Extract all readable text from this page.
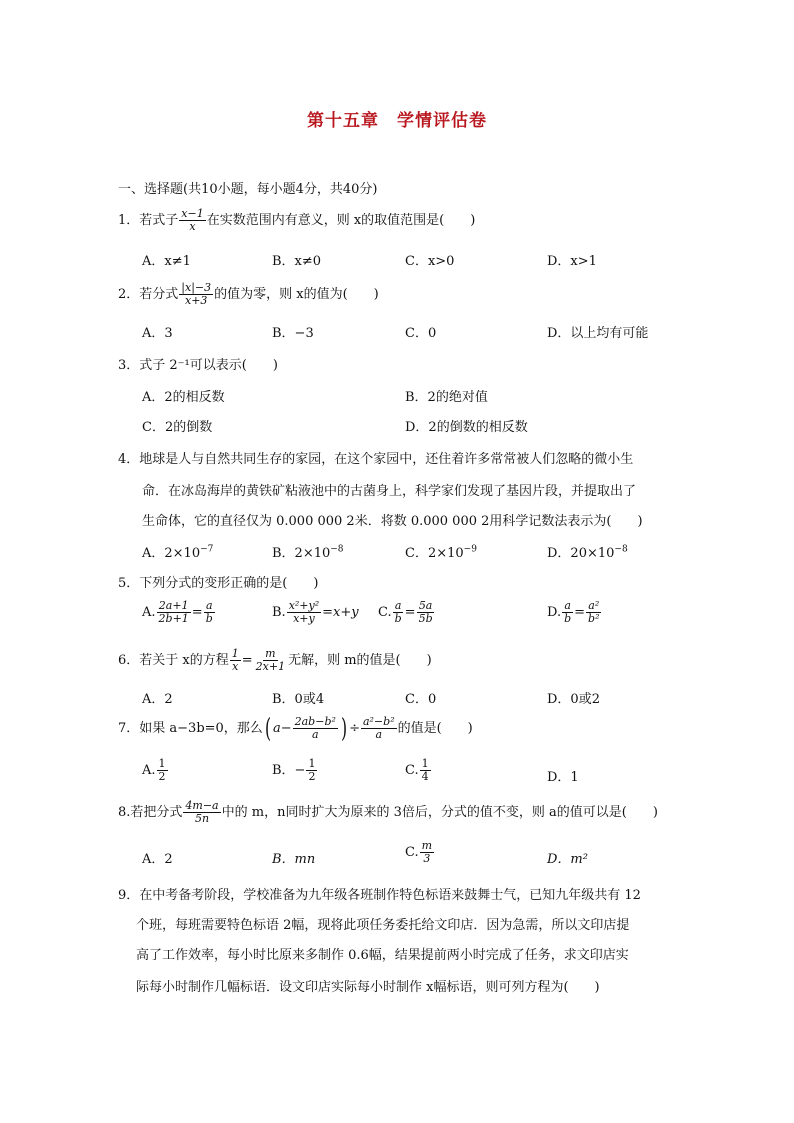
第十五章　学情评估卷
一、选择题(共10小题，每小题4分，共40分)
1．若式子 $\frac{x-1}{x}$ 在实数范围内有意义，则 x的取值范围是(　　)
A．x≠1	B．x≠0	C．x>0	D．x>1
2．若分式 $\frac{|x|-3}{x+3}$ 的值为零，则 x的值为(　　)
A．3	B．−3	C．0	D．以上均有可能
3．式子 2⁻¹可以表示(　　)
A．2的相反数	B．2的绝对值
C．2的倒数	D．2的倒数的相反数
4．地球是人与自然共同生存的家园，在这个家园中，还住着许多常常被人们忽略的微小生
命．在冰岛海岸的黄铁矿粘液池中的古菌身上，科学家们发现了基因片段，并提取出了
生命体，它的直径仅为 0.000 000 2米．将数 0.000 000 2用科学记数法表示为(　　)
A．$2\times 10^{-7}$	B．$2\times 10^{-8}$	C．$2\times 10^{-9}$	D．$20\times 10^{-8}$
5．下列分式的变形正确的是(　　)
A. $\frac{2a+1}{2b+1} = \frac{a}{b}$	B. $\frac{\text{x²+y²}}{x+y} =x+y$ C. $\frac{a}{b} = \frac{5a}{5b}$	D. $\frac{a}{b} = \frac{\text{a²}}{\text{b²}}$
6．若关于 x的方程 $\frac{1}{x} = \frac{m}{2x+1}$ 无解，则 m的值是(　　)
A．2	B．0或4	C．0	D．0或2
7．如果 a−3b=0，那么( $a- \frac{\text{2ab−b²}}{a}$ ) ÷ $\frac{\text{a²−b²}}{a}$ 的值是(　　)
A. $\frac{1}{2}$	B．− $\frac{1}{2}$	C. $\frac{1}{4}$	D．1
8.若把分式 $\frac{4m-a}{5n}$ 中的 m，n同时扩大为原来的 3倍后，分式的值不变，则 a的值可以是(　　)
A．2	B．mn	C. $\frac{m}{3}$	D．m²
9．在中考备考阶段，学校准备为九年级各班制作特色标语来鼓舞士气，已知九年级共有 12
个班，每班需要特色标语 2幅，现将此项任务委托给文印店．因为急需，所以文印店提
高了工作效率，每小时比原来多制作 0.6幅，结果提前两小时完成了任务，求文印店实
际每小时制作几幅标语．设文印店实际每小时制作 x幅标语，则可列方程为(　　)
